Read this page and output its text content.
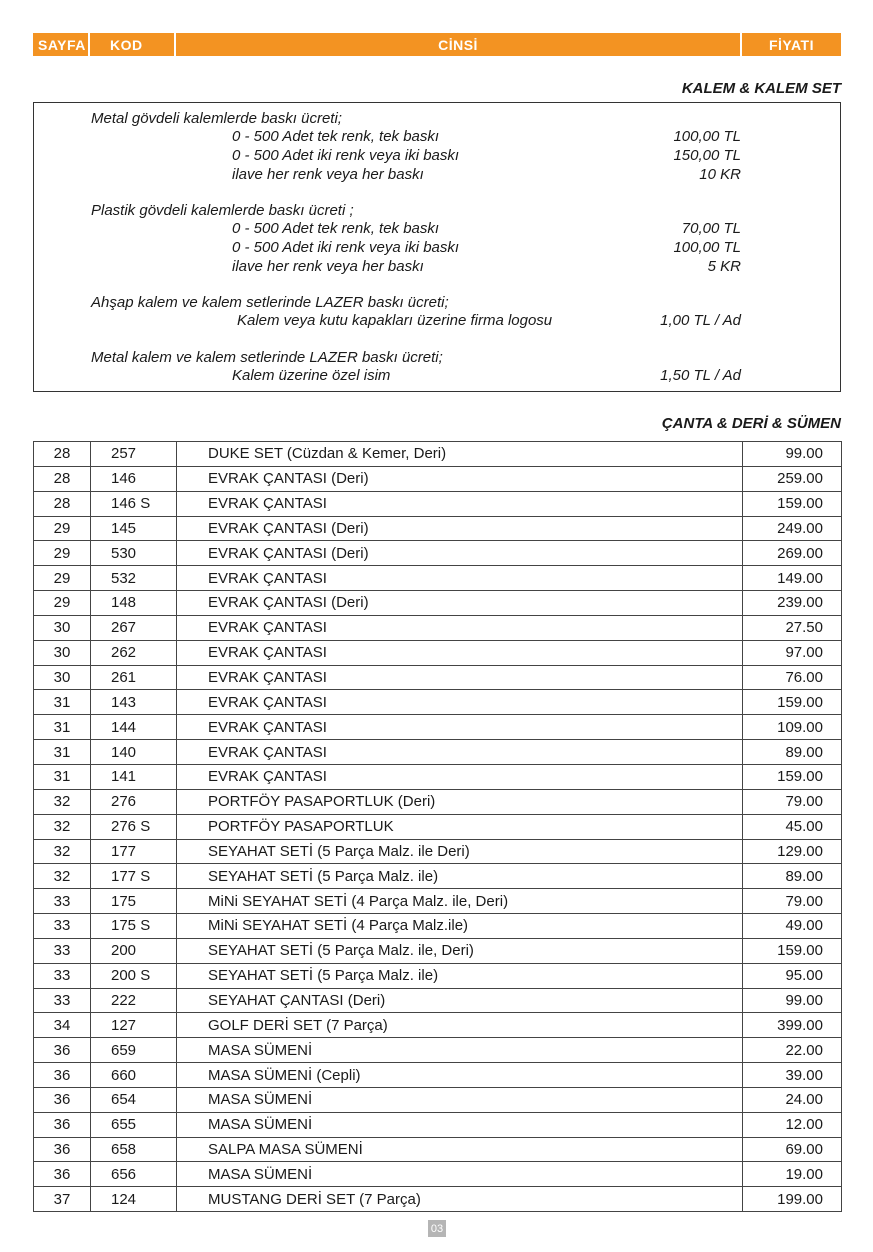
SAYFA	KOD	CİNSİ	FİYATI
KALEM & KALEM SET
Metal gövdeli kalemlerde baskı ücreti;
0 - 500 Adet tek renk, tek baskı	100,00 TL
0 - 500 Adet iki renk veya iki baskı	150,00 TL
ilave her renk veya her baskı	10 KR
Plastik gövdeli kalemlerde baskı ücreti ;
0 - 500 Adet tek renk, tek baskı	70,00 TL
0 - 500 Adet iki renk veya iki baskı	100,00 TL
ilave her renk veya her baskı	5 KR
Ahşap kalem ve kalem setlerinde LAZER baskı ücreti;
Kalem veya kutu kapakları üzerine firma logosu	1,00 TL / Ad
Metal kalem ve kalem setlerinde LAZER baskı ücreti;
Kalem üzerine özel isim	1,50 TL / Ad
ÇANTA & DERİ & SÜMEN
28	257	DUKE SET (Cüzdan & Kemer, Deri)	99.00
28	146	EVRAK ÇANTASI (Deri)	259.00
28	146 S	EVRAK ÇANTASI	159.00
29	145	EVRAK ÇANTASI (Deri)	249.00
29	530	EVRAK ÇANTASI (Deri)	269.00
29	532	EVRAK ÇANTASI	149.00
29	148	EVRAK ÇANTASI (Deri)	239.00
30	267	EVRAK ÇANTASI	27.50
30	262	EVRAK ÇANTASI	97.00
30	261	EVRAK ÇANTASI	76.00
31	143	EVRAK ÇANTASI	159.00
31	144	EVRAK ÇANTASI	109.00
31	140	EVRAK ÇANTASI	89.00
31	141	EVRAK ÇANTASI	159.00
32	276	PORTFÖY PASAPORTLUK (Deri)	79.00
32	276 S	PORTFÖY PASAPORTLUK	45.00
32	177	SEYAHAT SETİ (5 Parça Malz. ile Deri)	129.00
32	177 S	SEYAHAT SETİ (5 Parça Malz. ile)	89.00
33	175	MiNi SEYAHAT SETİ (4 Parça Malz. ile, Deri)	79.00
33	175 S	MiNi SEYAHAT SETİ (4 Parça Malz.ile)	49.00
33	200	SEYAHAT SETİ (5 Parça Malz. ile, Deri)	159.00
33	200 S	SEYAHAT SETİ (5 Parça Malz. ile)	95.00
33	222	SEYAHAT ÇANTASI (Deri)	99.00
34	127	GOLF DERİ SET (7 Parça)	399.00
36	659	MASA SÜMENİ	22.00
36	660	MASA SÜMENİ (Cepli)	39.00
36	654	MASA SÜMENİ	24.00
36	655	MASA SÜMENİ	12.00
36	658	SALPA MASA SÜMENİ	69.00
36	656	MASA SÜMENİ	19.00
37	124	MUSTANG DERİ SET (7 Parça)	199.00
03
